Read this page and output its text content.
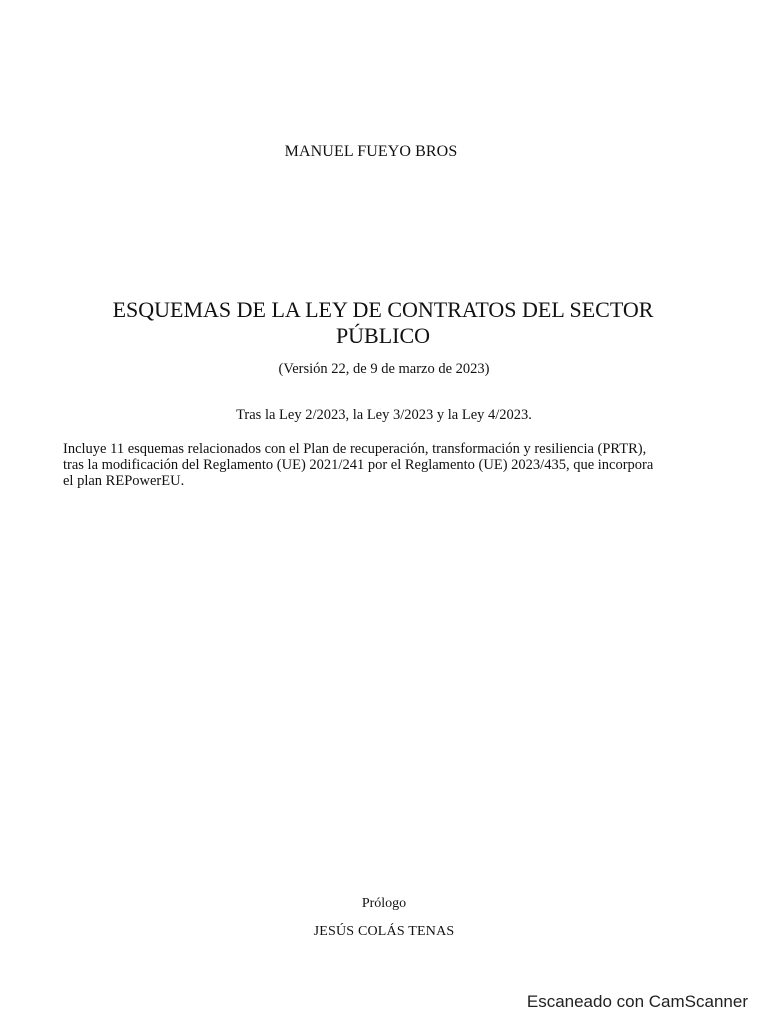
MANUEL FUEYO BROS
ESQUEMAS DE LA LEY DE CONTRATOS DEL SECTOR
PÚBLICO
(Versión 22, de 9 de marzo de 2023)
Tras la Ley 2/2023, la Ley 3/2023 y la Ley 4/2023.
Incluye 11 esquemas relacionados con el Plan de recuperación, transformación y resiliencia (PRTR),
tras la modificación del Reglamento (UE) 2021/241 por el Reglamento (UE) 2023/435, que incorpora
el plan REPowerEU.
Prólogo
JESÚS COLÁS TENAS
Escaneado con CamScanner
